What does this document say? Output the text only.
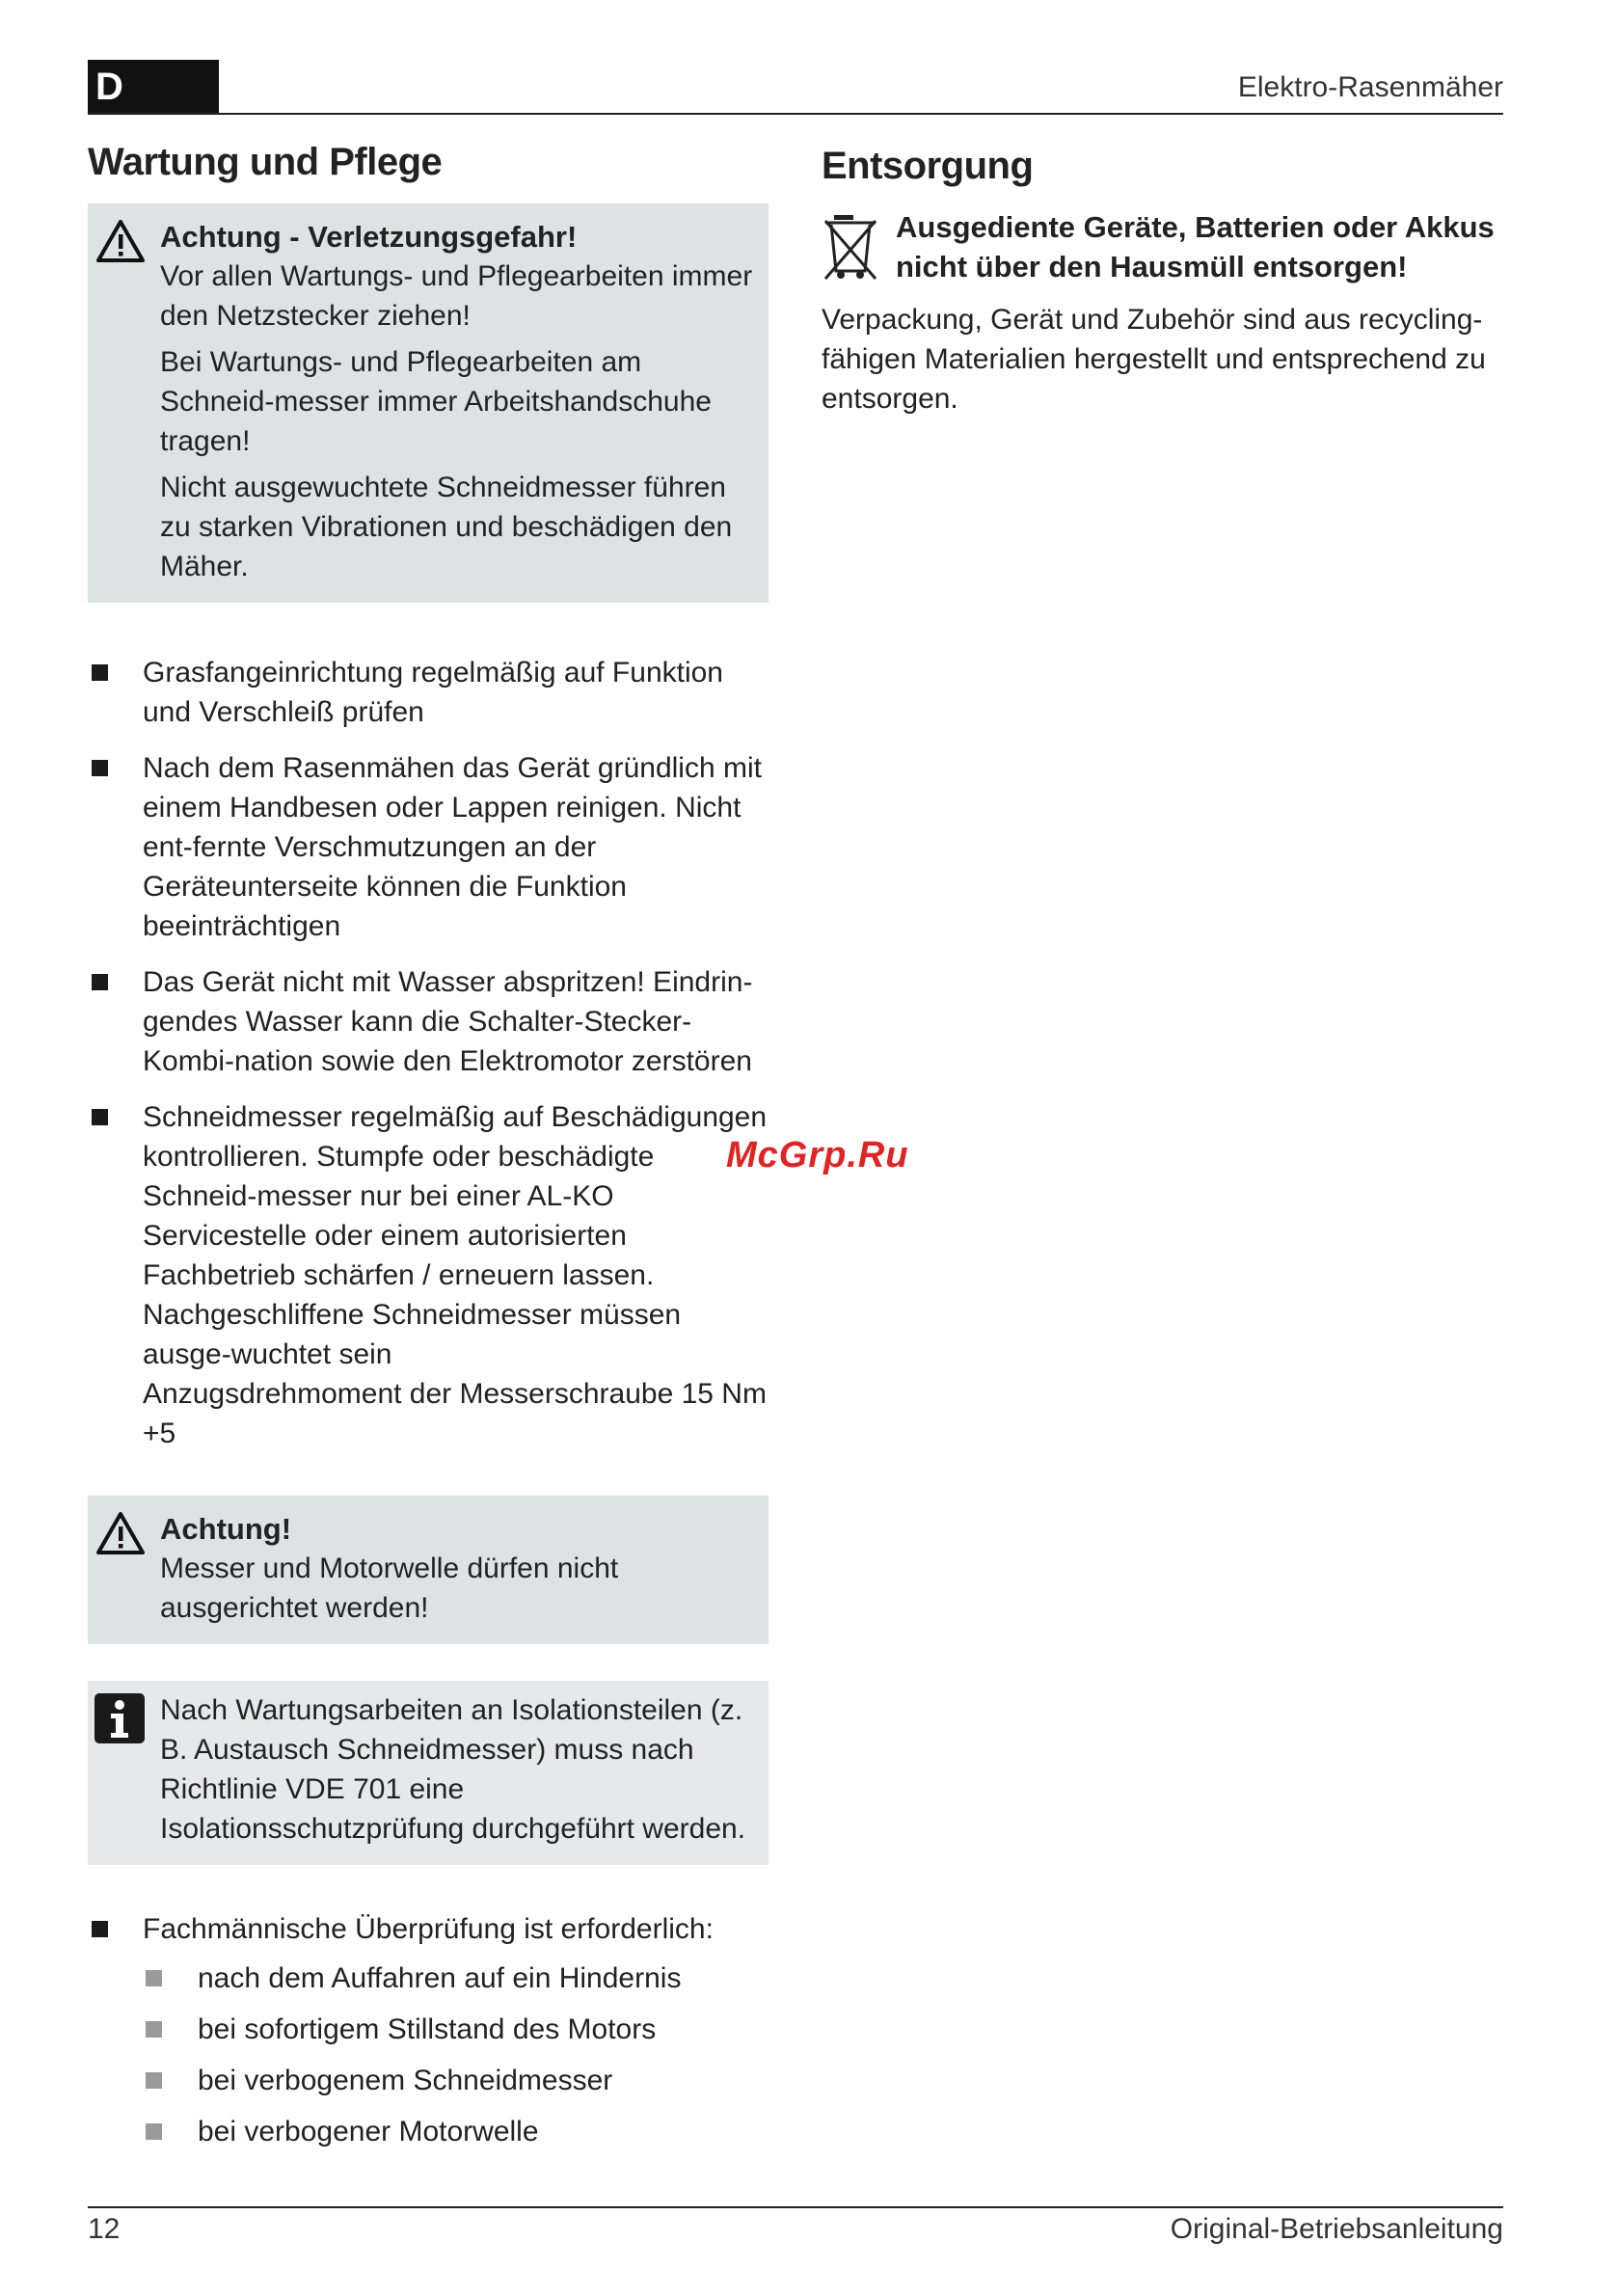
D	Elektro-Rasenmäher
Wartung und Pflege
Achtung - Verletzungsgefahr!

Vor allen Wartungs- und Pflegearbeiten immer den Netzstecker ziehen!

Bei Wartungs- und Pflegearbeiten am Schneid-messer immer Arbeitshandschuhe tragen!

Nicht ausgewuchtete Schneidmesser führen zu starken Vibrationen und beschädigen den Mäher.

Grasfangeinrichtung regelmäßig auf Funktion und Verschleiß prüfen
Nach dem Rasenmähen das Gerät gründlich mit einem Handbesen oder Lappen reinigen. Nicht ent-fernte Verschmutzungen an der Geräteunterseite können die Funktion beeinträchtigen
Das Gerät nicht mit Wasser abspritzen! Eindrin-gendes Wasser kann die Schalter-Stecker-Kombi-nation sowie den Elektromotor zerstören
Schneidmesser regelmäßig auf Beschädigungen kontrollieren. Stumpfe oder beschädigte Schneid-messer nur bei einer AL-KO Servicestelle oder einem autorisierten Fachbetrieb schärfen / erneuern lassen. Nachgeschliffene Schneidmesser müssen ausge-wuchtet sein
Anzugsdrehmoment der Messerschraube 15 Nm +5
Achtung!

Messer und Motorwelle dürfen nicht ausgerichtet werden!

Nach Wartungsarbeiten an Isolationsteilen (z. B. Austausch Schneidmesser) muss nach Richtlinie VDE 701 eine Isolationsschutzprüfung durchgeführt werden.

Fachmännische Überprüfung ist erforderlich:
nach dem Auffahren auf ein Hindernis
bei sofortigem Stillstand des Motors
bei verbogenem Schneidmesser
bei verbogener Motorwelle
Entsorgung
Ausgediente Geräte, Batterien oder Akkus nicht über den Hausmüll entsorgen!
Verpackung, Gerät und Zubehör sind aus recycling-fähigen Materialien hergestellt und entsprechend zu entsorgen.
McGrp.Ru
12	Original-Betriebsanleitung
